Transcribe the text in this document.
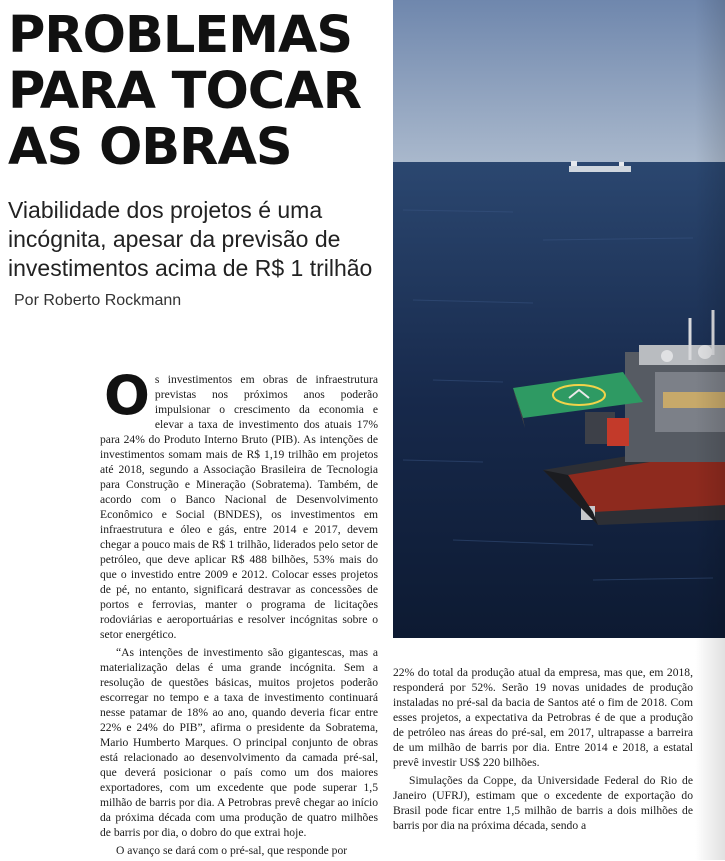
PROBLEMAS
PARA TOCAR
AS OBRAS

Viabilidade dos projetos é uma incógnita, apesar da previsão de investimentos acima de R$ 1 trilhão Por Roberto Rockmann

Os investimentos em obras de infraestrutura previstas nos próximos anos poderão impulsionar o crescimento da economia e elevar a taxa de investimento dos atuais 17% para 24% do Produto Interno Bruto (PIB). As intenções de investimentos somam mais de R$ 1,19 trilhão em projetos até 2018, segundo a Associação Brasileira de Tecnologia para Construção e Mineração (Sobratema). Também, de acordo com o Banco Nacional de Desenvolvimento Econômico e Social (BNDES), os investimentos em infraestrutura e óleo e gás, entre 2014 e 2017, devem chegar a pouco mais de R$ 1 trilhão, liderados pelo setor de petróleo, que deve aplicar R$ 488 bilhões, 53% mais do que o investido entre 2009 e 2012. Colocar esses projetos de pé, no entanto, significará destravar as concessões de portos e ferrovias, manter o programa de licitações rodoviárias e aeroportuárias e resolver incógnitas sobre o setor energético.

“As intenções de investimento são gigantescas, mas a materialização delas é uma grande incógnita. Sem a resolução de questões básicas, muitos projetos poderão escorregar no tempo e a taxa de investimento continuará nesse patamar de 18% ao ano, quando deveria ficar entre 22% e 24% do PIB”, afirma o presidente da Sobratema, Mario Humberto Marques. O principal conjunto de obras está relacionado ao desenvolvimento da camada pré-sal, que deverá posicionar o país como um dos maiores exportadores, com um excedente que pode superar 1,5 milhão de barris por dia. A Petrobras prevê chegar ao início da próxima década com uma produção de quatro milhões de barris por dia, o dobro do que extrai hoje.

O avanço se dará com o pré-sal, que responde por

22% do total da produção atual da empresa, mas que, em 2018, responderá por 52%. Serão 19 novas unidades de produção instaladas no pré-sal da bacia de Santos até o fim de 2018. Com esses projetos, a expectativa da Petrobras é de que a produção de petróleo nas áreas do pré-sal, em 2017, ultrapasse a barreira de um milhão de barris por dia. Entre 2014 e 2018, a estatal prevê investir US$ 220 bilhões.

Simulações da Coppe, da Universidade Federal do Rio de Janeiro (UFRJ), estimam que o excedente de exportação do Brasil pode ficar entre 1,5 milhão de barris a dois milhões de barris por dia na próxima década, sendo a
